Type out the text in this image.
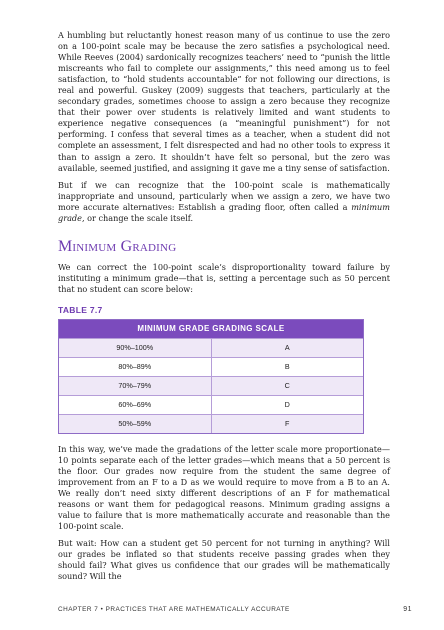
A humbling but reluctantly honest reason many of us continue to use the zero on a 100-point scale may be because the zero satisfies a psychological need. While Reeves (2004) sardonically recognizes teachers’ need to “punish the little miscreants who fail to complete our assignments,” this need among us to feel satisfaction, to “hold students accountable” for not following our directions, is real and powerful. Guskey (2009) suggests that teachers, particularly at the secondary grades, sometimes choose to assign a zero because they recognize that their power over students is relatively limited and want students to experience negative consequences (a “meaningful punishment”) for not performing. I confess that several times as a teacher, when a student did not complete an assessment, I felt disrespected and had no other tools to express it than to assign a zero. It shouldn’t have felt so personal, but the zero was available, seemed justified, and assigning it gave me a tiny sense of satisfaction.

But if we can recognize that the 100-point scale is mathematically inappropriate and unsound, particularly when we assign a zero, we have two more accurate alternatives: Establish a grading floor, often called a minimum grade, or change the scale itself.

Minimum Grading

We can correct the 100-point scale’s disproportionality toward failure by instituting a minimum grade—that is, setting a percentage such as 50 percent that no student can score below:

TABLE 7.7
MINIMUM GRADE GRADING SCALE
90%–100%	A
80%–89%	B
70%–79%	C
60%–69%	D
50%–59%	F

In this way, we’ve made the gradations of the letter scale more proportionate—10 points separate each of the letter grades—which means that a 50 percent is the floor. Our grades now require from the student the same degree of improvement from an F to a D as we would require to move from a B to an A. We really don’t need sixty different descriptions of an F for mathematical reasons or want them for pedagogical reasons. Minimum grading assigns a value to failure that is more mathematically accurate and reasonable than the 100-point scale.

But wait: How can a student get 50 percent for not turning in anything? Will our grades be inflated so that students receive passing grades when they should fail? What gives us confidence that our grades will be mathematically sound? Will the

CHAPTER 7 • PRACTICES THAT ARE MATHEMATICALLY ACCURATE	91
